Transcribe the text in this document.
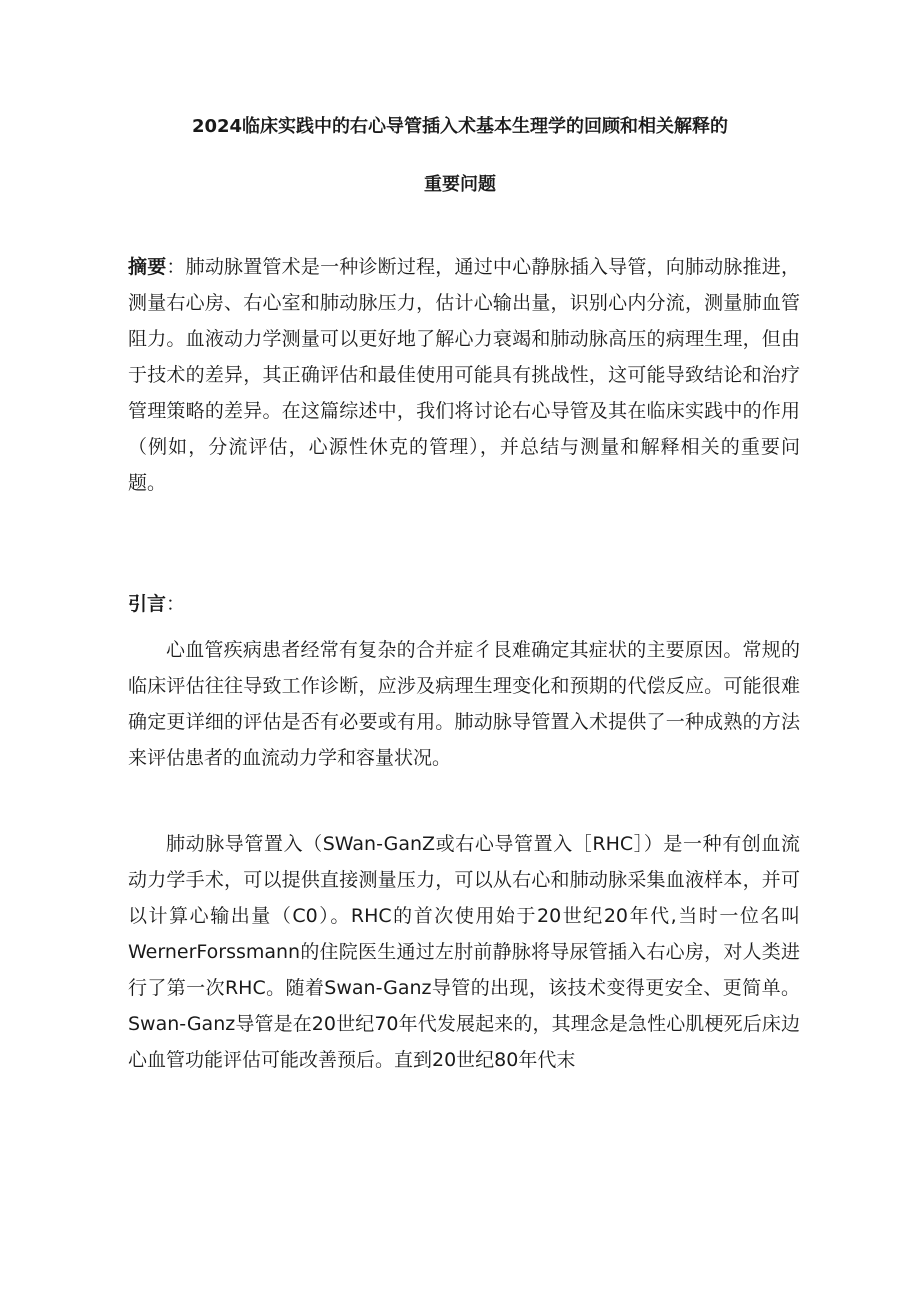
2024临床实践中的右心导管插入术基本生理学的回顾和相关解释的
重要问题

摘要：肺动脉置管术是一种诊断过程，通过中心静脉插入导管，向肺动脉推进，测量右心房、右心室和肺动脉压力，估计心输出量，识别心内分流，测量肺血管阻力。血液动力学测量可以更好地了解心力衰竭和肺动脉高压的病理生理，但由于技术的差异，其正确评估和最佳使用可能具有挑战性，这可能导致结论和治疗管理策略的差异。在这篇综述中，我们将讨论右心导管及其在临床实践中的作用（例如，分流评估，心源性休克的管理），并总结与测量和解释相关的重要问题。

引言：

心血管疾病患者经常有复杂的合并症彳艮难确定其症状的主要原因。常规的临床评估往往导致工作诊断，应涉及病理生理变化和预期的代偿反应。可能很难确定更详细的评估是否有必要或有用。肺动脉导管置入术提供了一种成熟的方法来评估患者的血流动力学和容量状况。

肺动脉导管置入（SWan-GanZ或右心导管置入［RHC］）是一种有创血流动力学手术，可以提供直接测量压力，可以从右心和肺动脉采集血液样本，并可以计算心输出量（C0）。RHC的首次使用始于20世纪20年代,当时一位名叫WernerForssmann的住院医生通过左肘前静脉将导尿管插入右心房，对人类进行了第一次RHC。随着Swan-Ganz导管的出现，该技术变得更安全、更简单。Swan-Ganz导管是在20世纪70年代发展起来的，其理念是急性心肌梗死后床边心血管功能评估可能改善预后。直到20世纪80年代末
